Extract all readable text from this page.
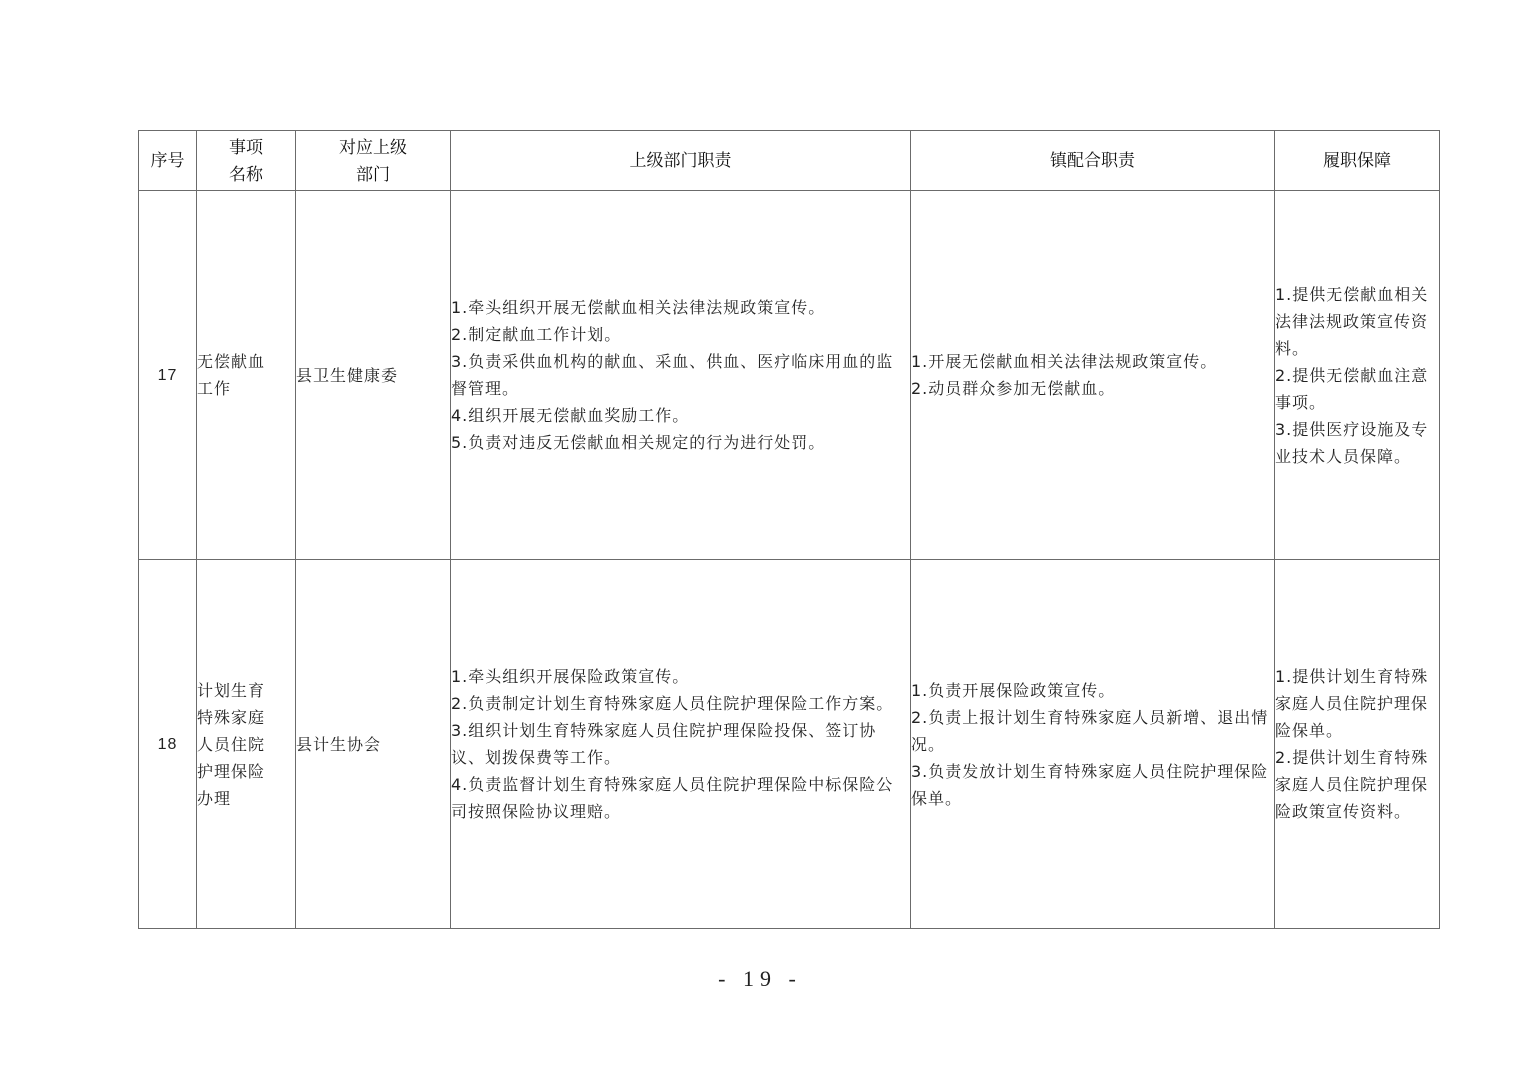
序号	事项
名称	对应上级
部门	上级部门职责	镇配合职责	履职保障

17	无偿献血
工作	县卫生健康委	1.牵头组织开展无偿献血相关法律法规政策宣传。
2.制定献血工作计划。
3.负责采供血机构的献血、采血、供血、医疗临床用血的监督管理。
4.组织开展无偿献血奖励工作。
5.负责对违反无偿献血相关规定的行为进行处罚。	1.开展无偿献血相关法律法规政策宣传。
2.动员群众参加无偿献血。	1.提供无偿献血相关法律法规政策宣传资料。
2.提供无偿献血注意事项。
3.提供医疗设施及专业技术人员保障。

18	计划生育
特殊家庭
人员住院
护理保险
办理	县计生协会	1.牵头组织开展保险政策宣传。
2.负责制定计划生育特殊家庭人员住院护理保险工作方案。
3.组织计划生育特殊家庭人员住院护理保险投保、签订协议、划拨保费等工作。
4.负责监督计划生育特殊家庭人员住院护理保险中标保险公司按照保险协议理赔。	1.负责开展保险政策宣传。
2.负责上报计划生育特殊家庭人员新增、退出情况。
3.负责发放计划生育特殊家庭人员住院护理保险保单。	1.提供计划生育特殊家庭人员住院护理保险保单。
2.提供计划生育特殊家庭人员住院护理保险政策宣传资料。
- 19 -
